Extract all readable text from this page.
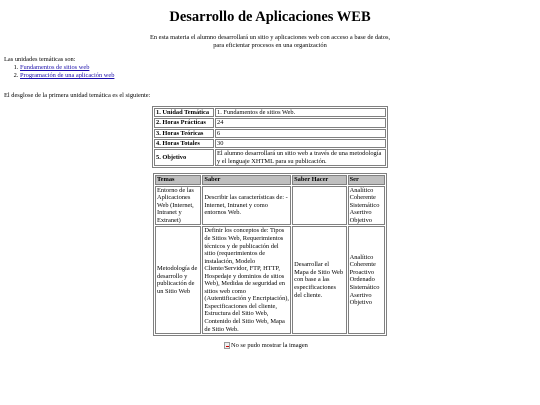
Desarrollo de Aplicaciones WEB
En esta materia el alumno desarrollará un sitio y aplicaciones web con acceso a base de datos, para eficientar procesos en una organización
Las unidades temáticas son:
1. Fundamentos de sitios web
2. Programación de una aplicación web
El desglose de la primera unidad temática es el siguiente:
1. Unidad Temática	1. Fundamentos de sitios Web.
2. Horas Prácticas	24
3. Horas Teóricas	6
4. Horas Totales	30
5. Objetivo	El alumno desarrollará un sitio web a través de una metodología y el lenguaje XHTML para su publicación.
Temas	Saber	Saber Hacer	Ser
Entorno de las Aplicaciones Web (Internet, Intranet y Extranet)	Describir las características de: -Internet, Intranet y como entornos Web.		Analítico Coherente Sistemático Asertivo Objetivo
Metodología de desarrollo y publicación de un Sitio Web	Definir los conceptos de: Tipos de Sitios Web, Requerimientos técnicos y de publicación del sitio (requerimientos de instalación, Modelo Cliente/Servidor, FTP, HTTP, Hospedaje y dominios de sitios Web), Medidas de seguridad en sitios web como (Autentificación y Encriptación), Especificaciones del cliente, Estructura del Sitio Web, Contenido del Sitio Web, Mapa de Sitio Web.	Desarrollar el Mapa de Sitio Web con base a las especificaciones del cliente.	Analítico Coherente Proactivo Ordenado Sistemático Asertivo Objetivo
No se pudo mostrar la imagen
